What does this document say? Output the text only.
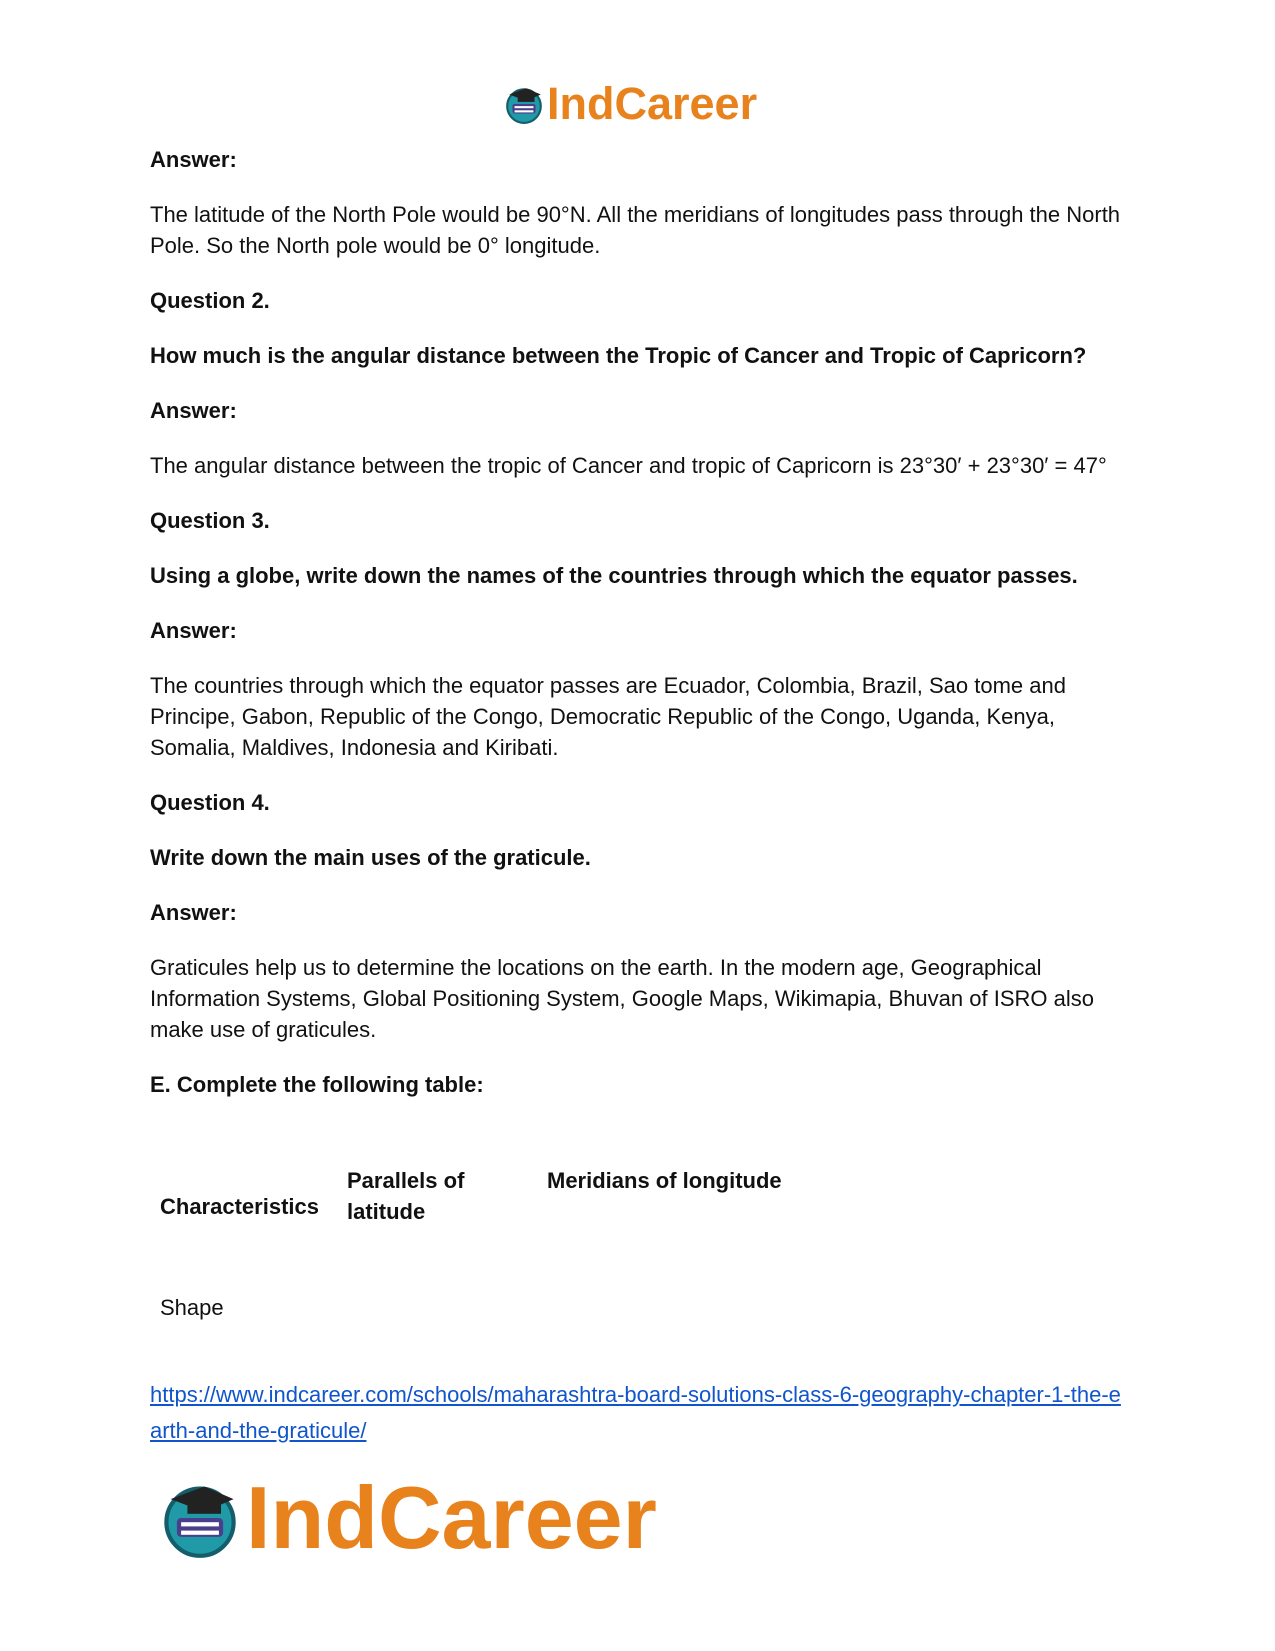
IndCareer

Answer:

The latitude of the North Pole would be 90°N. All the meridians of longitudes pass through the North Pole. So the North pole would be 0° longitude.

Question 2.

How much is the angular distance between the Tropic of Cancer and Tropic of Capricorn?

Answer:

The angular distance between the tropic of Cancer and tropic of Capricorn is 23°30′ + 23°30′ = 47°

Question 3.

Using a globe, write down the names of the countries through which the equator passes.

Answer:

The countries through which the equator passes are Ecuador, Colombia, Brazil, Sao tome and Principe, Gabon, Republic of the Congo, Democratic Republic of the Congo, Uganda, Kenya, Somalia, Maldives, Indonesia and Kiribati.

Question 4.

Write down the main uses of the graticule.

Answer:

Graticules help us to determine the locations on the earth. In the modern age, Geographical Information Systems, Global Positioning System, Google Maps, Wikimapia, Bhuvan of ISRO also make use of graticules.

E. Complete the following table:

Characteristics
Parallels of latitude
Meridians of longitude
Shape
https://www.indcareer.com/schools/maharashtra-board-solutions-class-6-geography-chapter-1-the-earth-and-the-graticule/
IndCareer
